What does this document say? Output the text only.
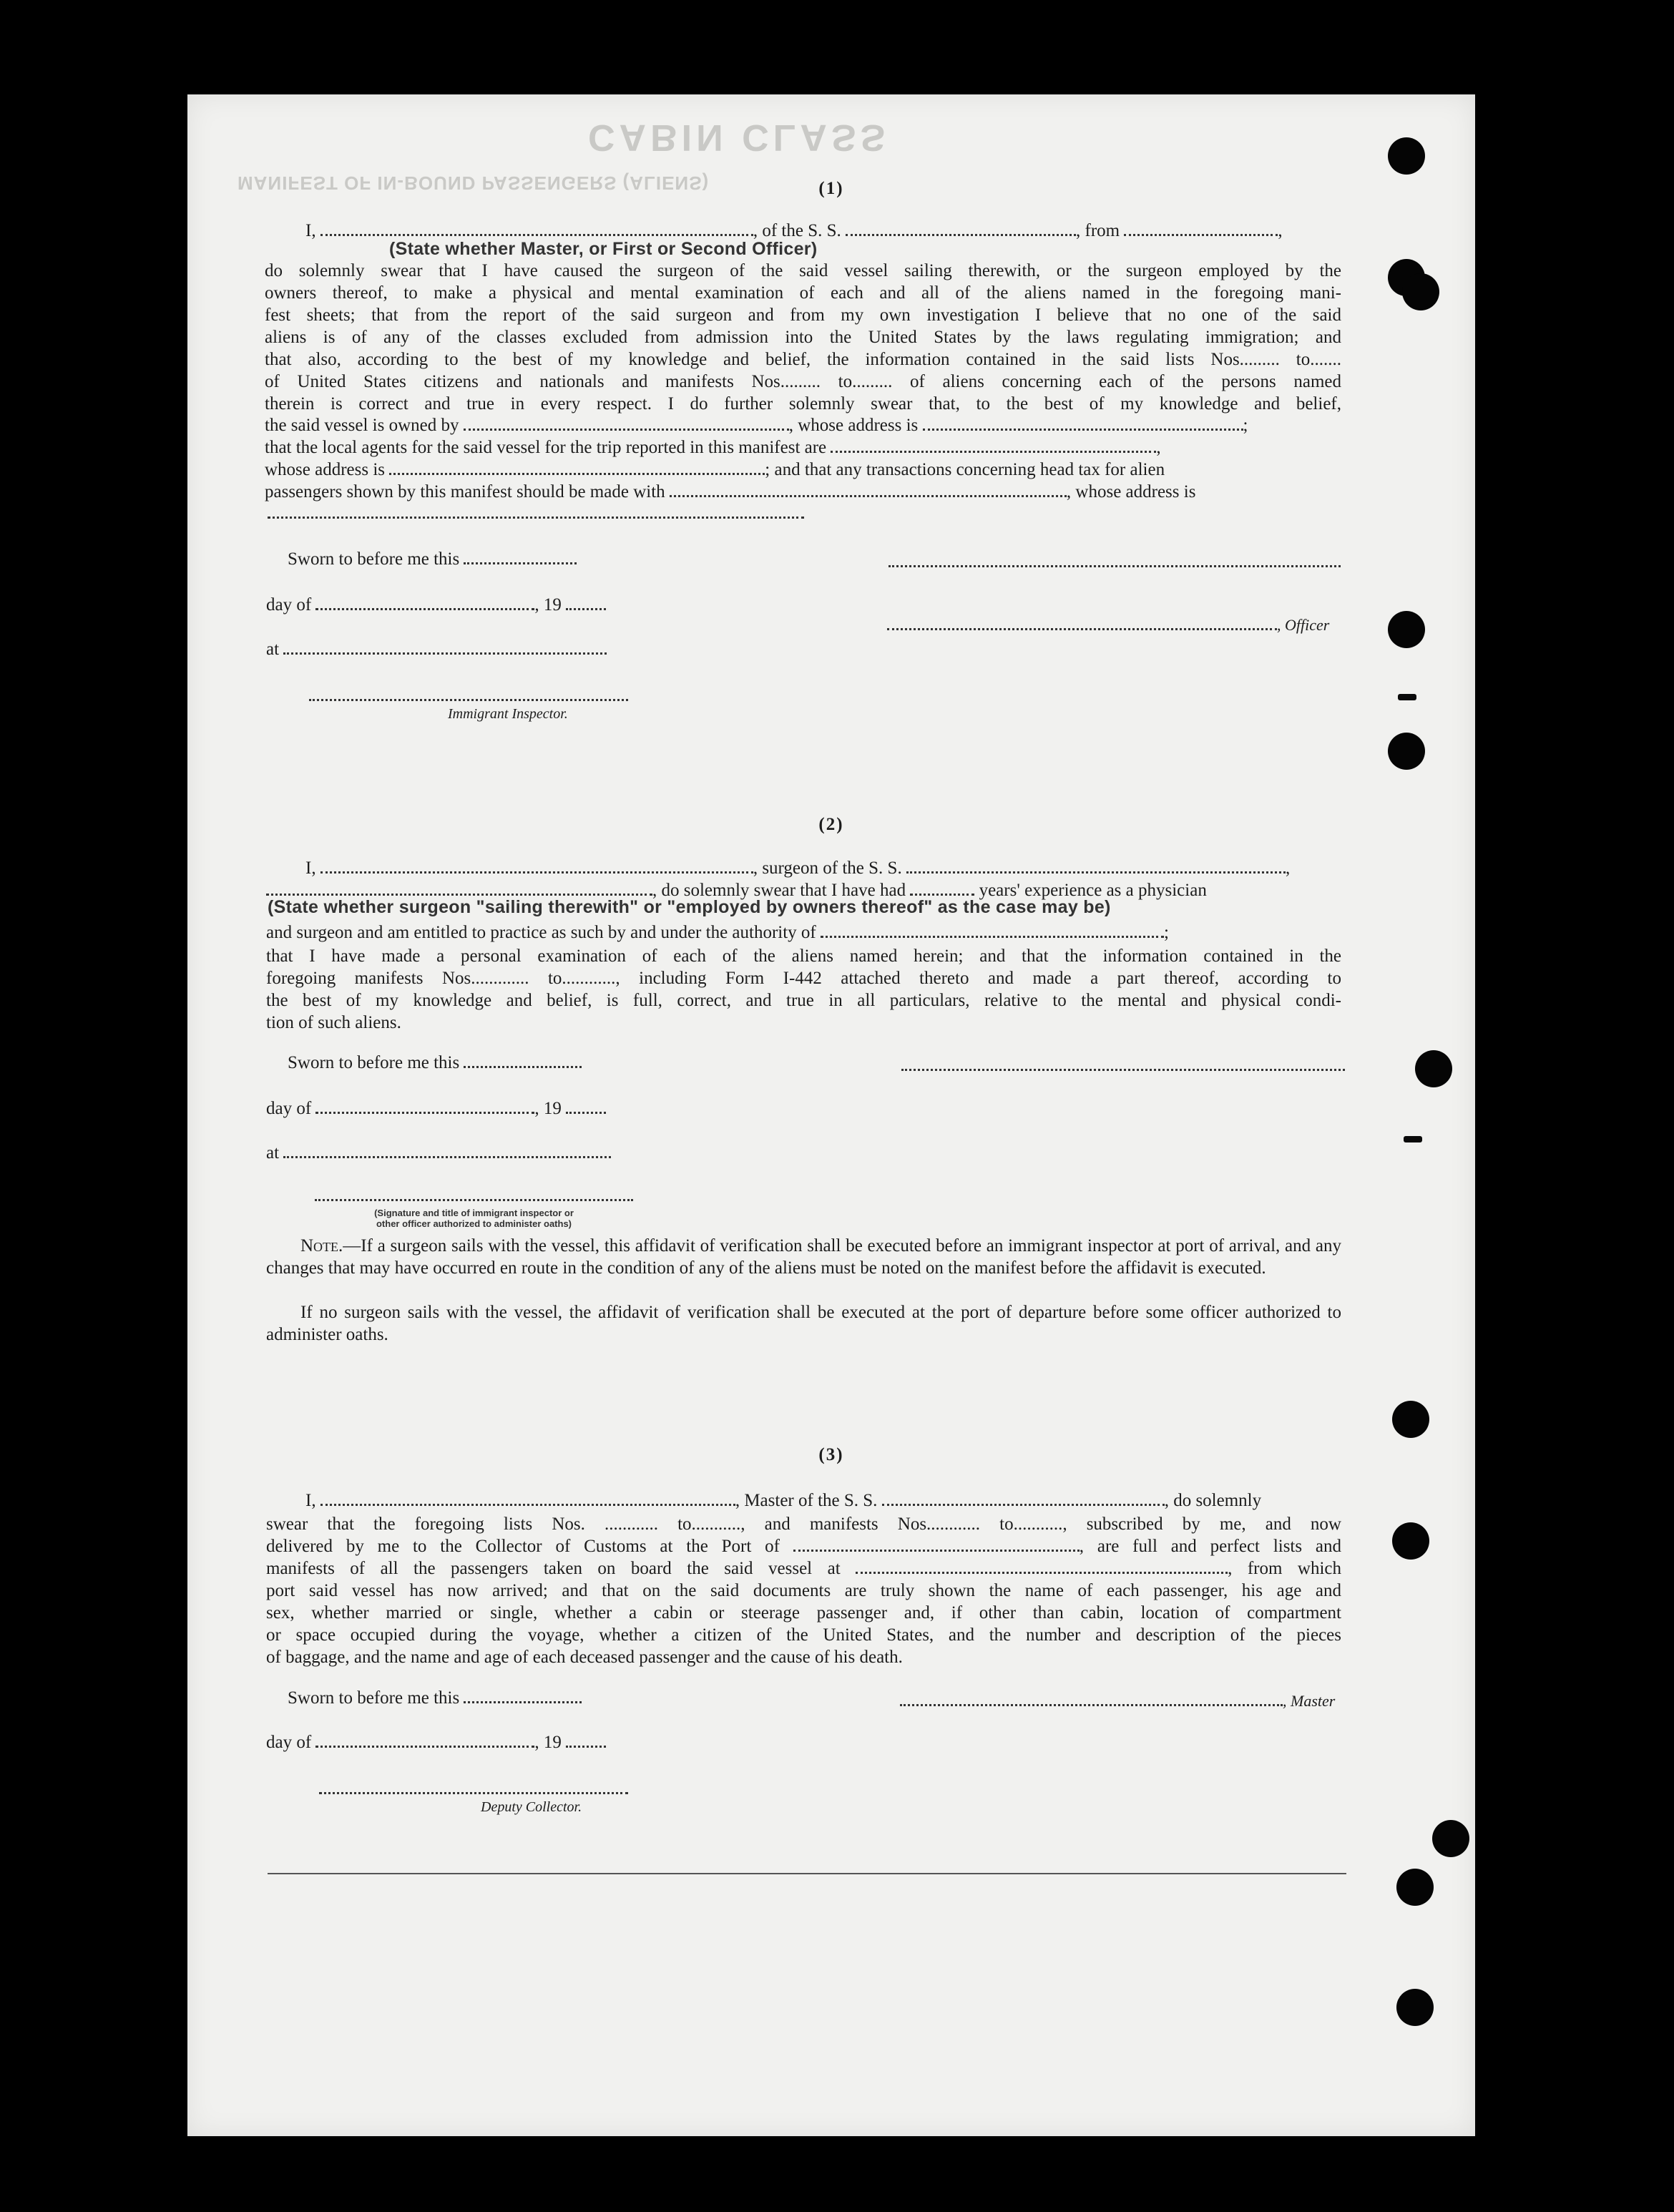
CABIN CLASS
MANIFEST OF IN-BOUND PASSENGERS (ALIENS)	(1)
I,	, of the S. S.	, from	,
(State whether Master, or First or Second Officer)
do solemnly swear that I have caused the surgeon of the said vessel sailing therewith, or the surgeon employed by the
owners thereof, to make a physical and mental examination of each and all of the aliens named in the foregoing mani-
fest sheets; that from the report of the said surgeon and from my own investigation I believe that no one of the said
aliens is of any of the classes excluded from admission into the United States by the laws regulating immigration; and
that also, according to the best of my knowledge and belief, the information contained in the said lists Nos......... to.......
of United States citizens and nationals and manifests Nos......... to......... of aliens concerning each of the persons named
therein is correct and true in every respect. I do further solemnly swear that, to the best of my knowledge and belief,
the said vessel is owned by	, whose address is	;
that the local agents for the said vessel for the trip reported in this manifest are	,
whose address is	; and that any transactions concerning head tax for alien
passengers shown by this manifest should be made with	, whose address is
Sworn to before me this
day of	, 19
, Officer
at
Immigrant Inspector.
(2)
I,	, surgeon of the S. S.	,
, do solemnly swear that I have had	years' experience as a physician
(State whether surgeon "sailing therewith" or "employed by owners thereof" as the case may be)
and surgeon and am entitled to practice as such by and under the authority of	;
that I have made a personal examination of each of the aliens named herein; and that the information contained in the
foregoing manifests Nos............. to............, including Form I-442 attached thereto and made a part thereof, according to
the best of my knowledge and belief, is full, correct, and true in all particulars, relative to the mental and physical condi-
tion of such aliens.
Sworn to before me this
day of	, 19
at
(Signature and title of immigrant inspector or
other officer authorized to administer oaths)

Note.—If a surgeon sails with the vessel, this affidavit of verification shall be executed before an immigrant inspector at port of arrival, and any changes that may have occurred en route in the condition of any of the aliens must be noted on the manifest before the affidavit is executed.

If no surgeon sails with the vessel, the affidavit of verification shall be executed at the port of departure before some officer authorized to administer oaths.

(3)
I,	, Master of the S. S.	, do solemnly
swear that the foregoing lists Nos. ............ to..........., and manifests Nos............ to..........., subscribed by me, and now
delivered by me to the Collector of Customs at the Port of	, are full and perfect lists and
manifests of all the passengers taken on board the said vessel at	, from which
port said vessel has now arrived; and that on the said documents are truly shown the name of each passenger, his age and
sex, whether married or single, whether a cabin or steerage passenger and, if other than cabin, location of compartment
or space occupied during the voyage, whether a citizen of the United States, and the number and description of the pieces
of baggage, and the name and age of each deceased passenger and the cause of his death.
Sworn to before me this	, Master
day of	, 19
Deputy Collector.
